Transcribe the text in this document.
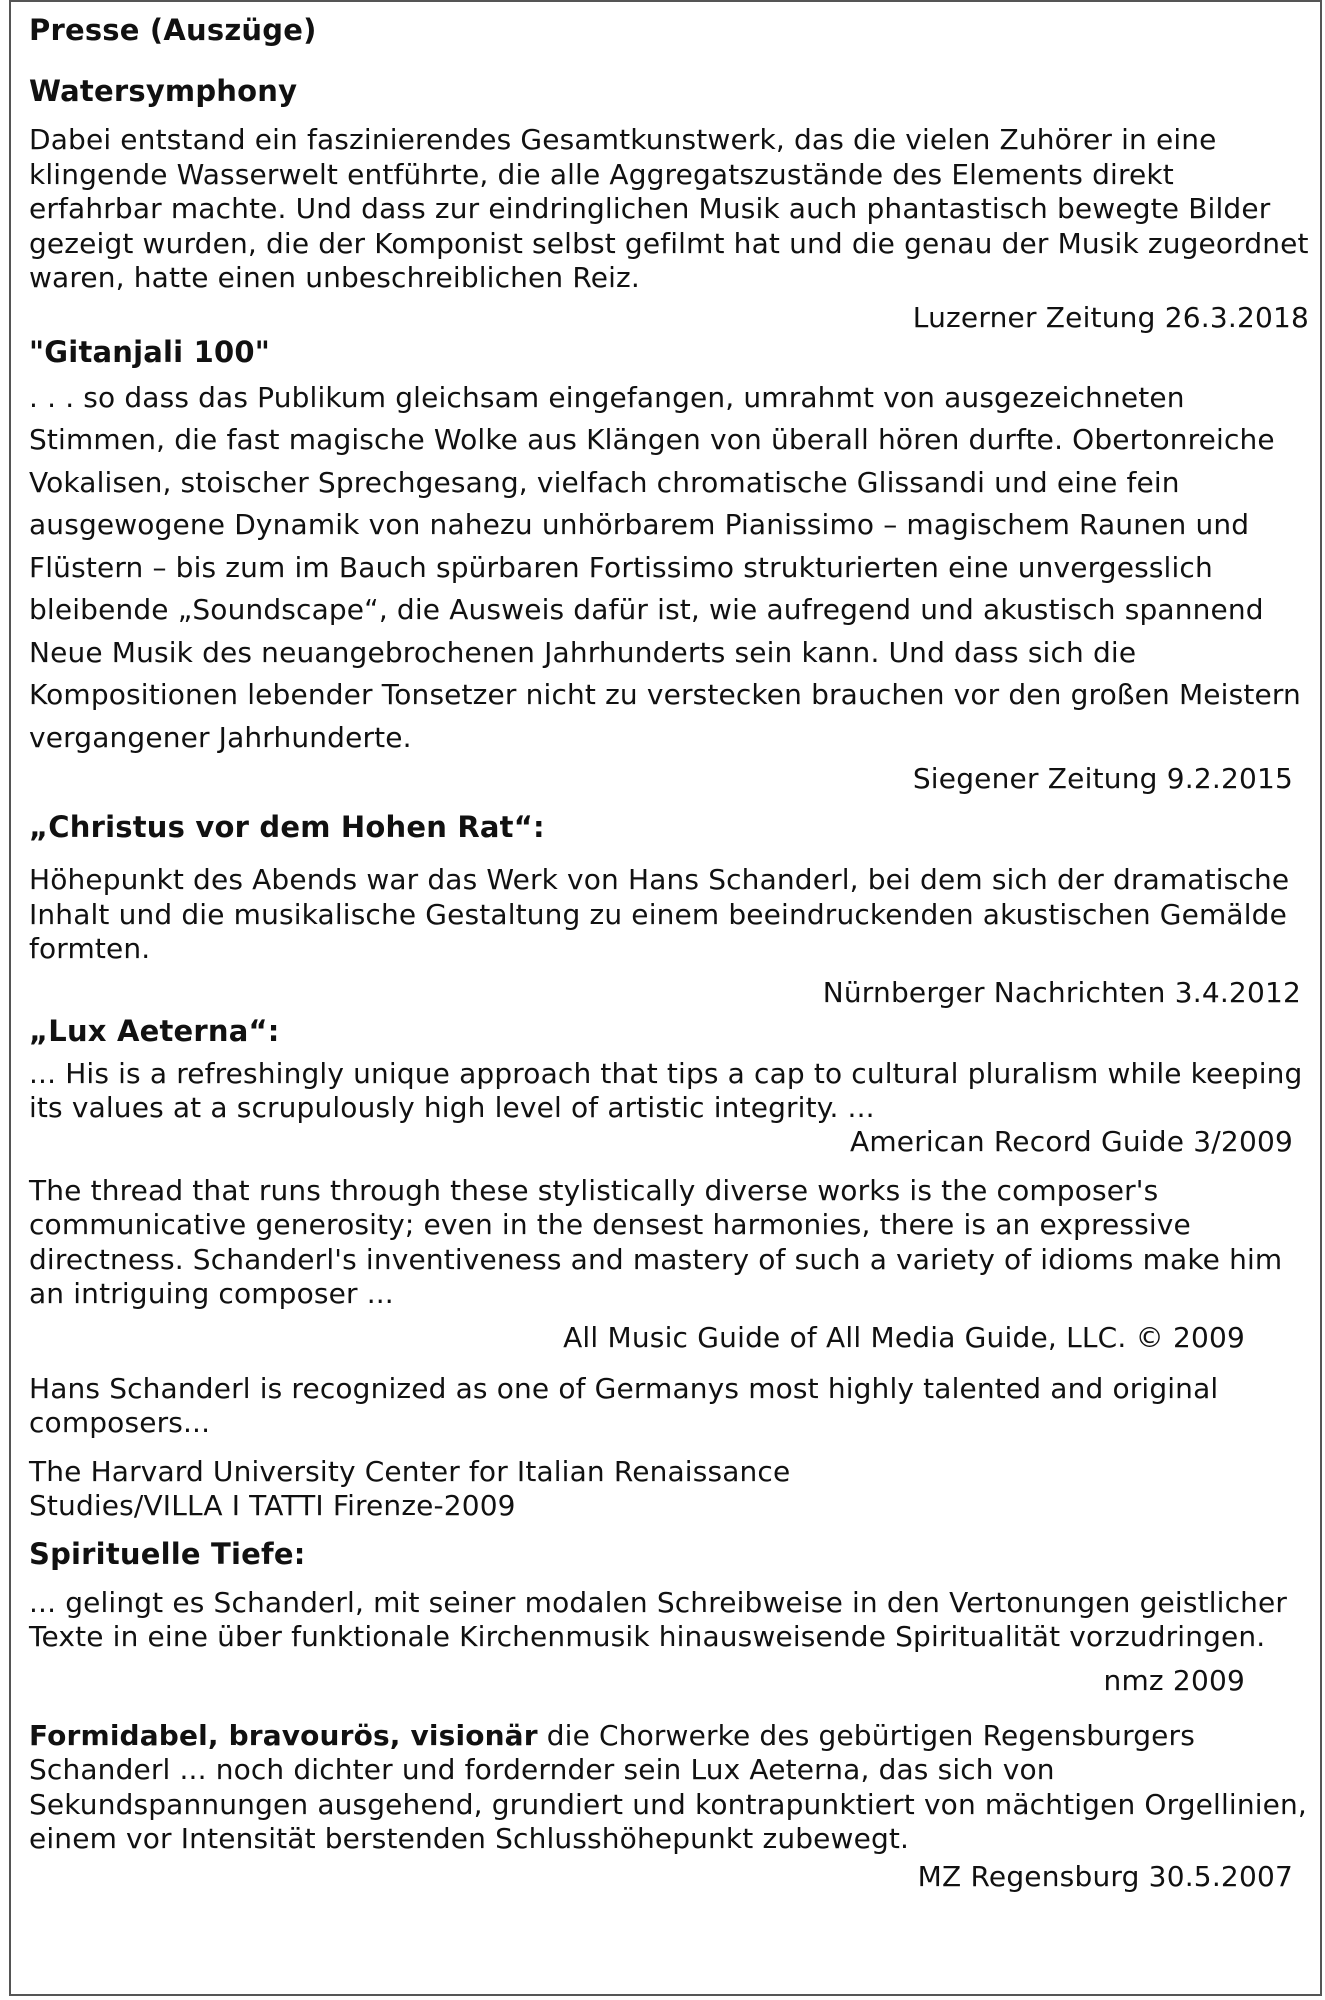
Presse (Auszüge)
Watersymphony

Dabei entstand ein faszinierendes Gesamtkunstwerk, das die vielen Zuhörer in eine klingende Wasserwelt entführte, die alle Aggregatszustände des Elements direkt erfahrbar machte. Und dass zur eindringlichen Musik auch phantastisch bewegte Bilder gezeigt wurden, die der Komponist selbst gefilmt hat und die genau der Musik zugeordnet waren, hatte einen unbeschreiblichen Reiz.

Luzerner Zeitung 26.3.2018

"Gitanjali 100"

. . . so dass das Publikum gleichsam eingefangen, umrahmt von ausgezeichneten Stimmen, die fast magische Wolke aus Klängen von überall hören durfte. Obertonreiche Vokalisen, stoischer Sprechgesang, vielfach chromatische Glissandi und eine fein ausgewogene Dynamik von nahezu unhörbarem Pianissimo – magischem Raunen und Flüstern – bis zum im Bauch spürbaren Fortissimo strukturierten eine unvergesslich bleibende „Soundscape“, die Ausweis dafür ist, wie aufregend und akustisch spannend Neue Musik des neuangebrochenen Jahrhunderts sein kann. Und dass sich die Kompositionen lebender Tonsetzer nicht zu verstecken brauchen vor den großen Meistern vergangener Jahrhunderte.

Siegener Zeitung 9.2.2015

„Christus vor dem Hohen Rat“:

Höhepunkt des Abends war das Werk von Hans Schanderl, bei dem sich der dramatische Inhalt und die musikalische Gestaltung zu einem beeindruckenden akustischen Gemälde formten.

Nürnberger Nachrichten 3.4.2012

„Lux Aeterna“:

... His is a refreshingly unique approach that tips a cap to cultural pluralism while keeping its values at a scrupulously high level of artistic integrity. ...

American Record Guide 3/2009

The thread that runs through these stylistically diverse works is the composer's communicative generosity; even in the densest harmonies, there is an expressive directness. Schanderl's inventiveness and mastery of such a variety of idioms make him an intriguing composer ...

All Music Guide of All Media Guide, LLC. © 2009

Hans Schanderl is recognized as one of Germanys most highly talented and original composers...

The Harvard University Center for Italian Renaissance Studies/VILLA I TATTI Firenze-2009

Spirituelle Tiefe:

... gelingt es Schanderl, mit seiner modalen Schreibweise in den Vertonungen geistlicher Texte in eine über funktionale Kirchenmusik hinausweisende Spiritualität vorzudringen.

nmz 2009

Formidabel, bravourös, visionär die Chorwerke des gebürtigen Regensburgers Schanderl ... noch dichter und fordernder sein Lux Aeterna, das sich von Sekundspannungen ausgehend, grundiert und kontrapunktiert von mächtigen Orgellinien, einem vor Intensität berstenden Schlusshöhepunkt zubewegt.

MZ Regensburg 30.5.2007
